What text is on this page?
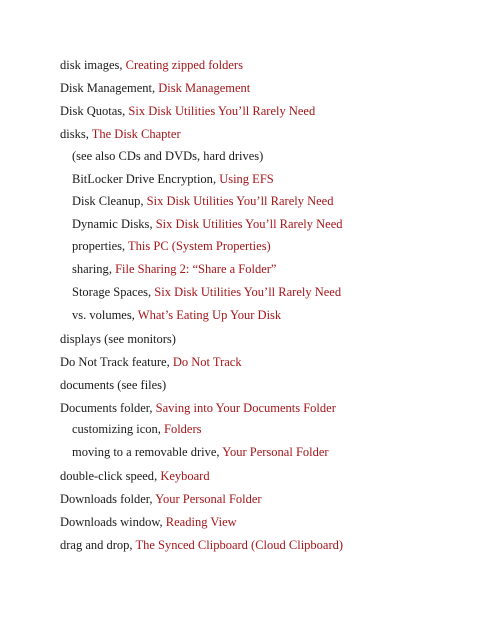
disk images, Creating zipped folders
Disk Management, Disk Management
Disk Quotas, Six Disk Utilities You’ll Rarely Need
disks, The Disk Chapter
(see also CDs and DVDs, hard drives)
BitLocker Drive Encryption, Using EFS
Disk Cleanup, Six Disk Utilities You’ll Rarely Need
Dynamic Disks, Six Disk Utilities You’ll Rarely Need
properties, This PC (System Properties)
sharing, File Sharing 2: “Share a Folder”
Storage Spaces, Six Disk Utilities You’ll Rarely Need
vs. volumes, What’s Eating Up Your Disk
displays (see monitors)
Do Not Track feature, Do Not Track
documents (see files)
Documents folder, Saving into Your Documents Folder
customizing icon, Folders
moving to a removable drive, Your Personal Folder
double-click speed, Keyboard
Downloads folder, Your Personal Folder
Downloads window, Reading View
drag and drop, The Synced Clipboard (Cloud Clipboard)
